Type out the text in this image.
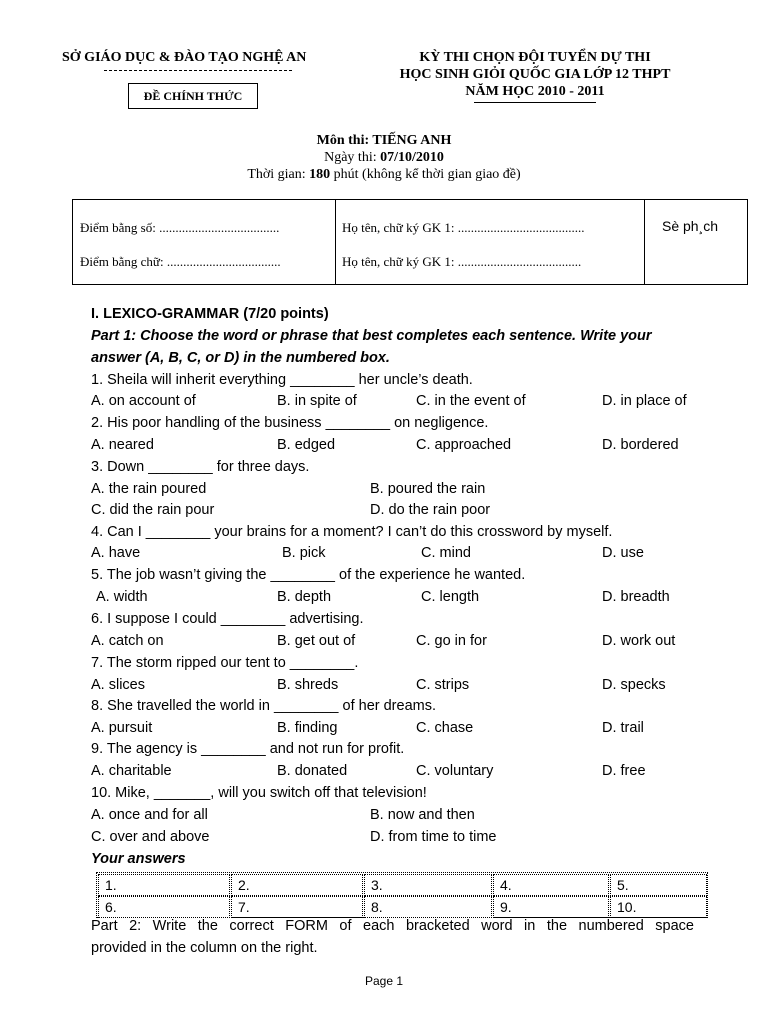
SỞ GIÁO DỤC & ĐÀO TẠO NGHỆ AN
ĐỀ CHÍNH THỨC
KỲ THI CHỌN ĐỘI TUYỂN DỰ THI
HỌC SINH GIỎI QUỐC GIA LỚP 12 THPT
NĂM HỌC 2010 - 2011
Môn thi: TIẾNG ANH
Ngày thi: 07/10/2010
Thời gian: 180 phút (không kể thời gian giao đề)
Điểm bằng số: .....................................
Điểm bằng chữ: ...................................
Họ tên, chữ ký GK 1: .......................................
Họ tên, chữ ký GK 1: ......................................
Sè ph¸ch
I. LEXICO-GRAMMAR (7/20 points)
Part 1: Choose the word or phrase that best completes each sentence. Write your
answer (A, B, C, or D) in the numbered box.
1. Sheila will inherit everything ________ her uncle’s death.
A. on account of	B. in spite of	C. in the event of	D. in place of
2. His poor handling of the business ________ on negligence.
A. neared	B. edged	C. approached	D. bordered
3. Down ________ for three days.
A. the rain poured	B. poured the rain
C. did the rain pour	D. do the rain poor
4. Can I ________ your brains for a moment? I can’t do this crossword by myself.
A. have	B. pick	C. mind	D. use
5. The job wasn’t giving the ________ of the experience he wanted.
A. width	B. depth	C. length	D. breadth
6. I suppose I could ________ advertising.
A. catch on	B. get out of	C. go in for	D. work out
7. The storm ripped our tent to ________.
A. slices	B. shreds	C. strips	D. specks
8. She travelled the world in ________ of her dreams.
A. pursuit	B. finding	C. chase	D. trail
9. The agency is ________ and not run for profit.
A. charitable	B. donated	C. voluntary	D. free
10. Mike, _______, will you switch off that television!
A. once and for all	B. now and then
C. over and above	D. from time to time
Your answers
1.	2.	3.	4.	5.
6.	7.	8.	9.	10.
Part 2: Write the correct FORM of each bracketed word in the numbered space
provided in the column on the right.
Page 1
